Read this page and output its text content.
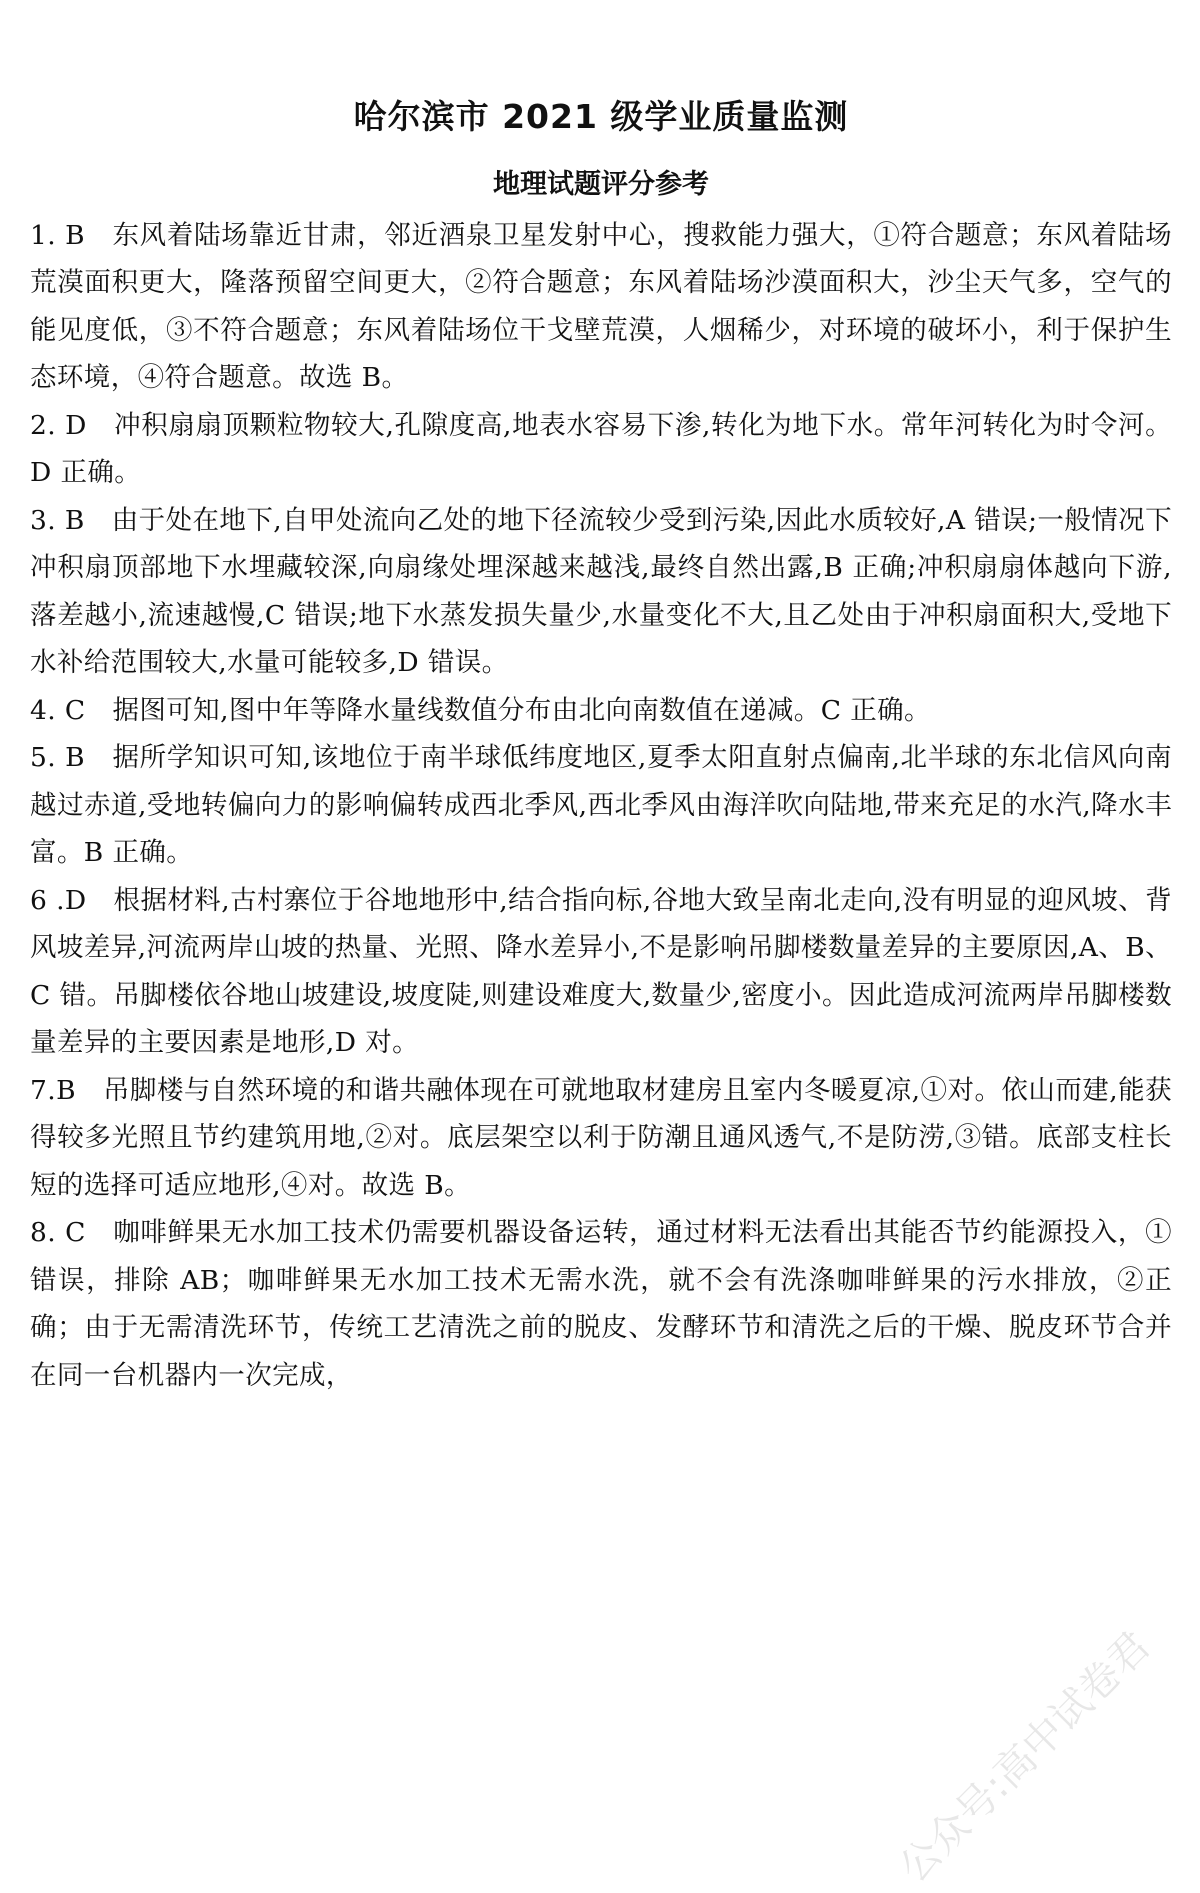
哈尔滨市 2021 级学业质量监测
地理试题评分参考

1. B　东风着陆场靠近甘肃，邻近酒泉卫星发射中心，搜救能力强大，①符合题意；东风着陆场荒漠面积更大，隆落预留空间更大，②符合题意；东风着陆场沙漠面积大，沙尘天气多，空气的能见度低，③不符合题意；东风着陆场位干戈壁荒漠，人烟稀少，对环境的破坏小，利于保护生态环境，④符合题意。故选 B。

2. D　冲积扇扇顶颗粒物较大,孔隙度高,地表水容易下渗,转化为地下水。常年河转化为时令河。D 正确。

3. B　由于处在地下,自甲处流向乙处的地下径流较少受到污染,因此水质较好,A 错误;一般情况下冲积扇顶部地下水埋藏较深,向扇缘处埋深越来越浅,最终自然出露,B 正确;冲积扇扇体越向下游,落差越小,流速越慢,C 错误;地下水蒸发损失量少,水量变化不大,且乙处由于冲积扇面积大,受地下水补给范围较大,水量可能较多,D 错误。

4. C　据图可知,图中年等降水量线数值分布由北向南数值在递减。C 正确。

5. B　据所学知识可知,该地位于南半球低纬度地区,夏季太阳直射点偏南,北半球的东北信风向南越过赤道,受地转偏向力的影响偏转成西北季风,西北季风由海洋吹向陆地,带来充足的水汽,降水丰富。B 正确。

6 .D　根据材料,古村寨位于谷地地形中,结合指向标,谷地大致呈南北走向,没有明显的迎风坡、背风坡差异,河流两岸山坡的热量、光照、降水差异小,不是影响吊脚楼数量差异的主要原因,A、B、C 错。吊脚楼依谷地山坡建设,坡度陡,则建设难度大,数量少,密度小。因此造成河流两岸吊脚楼数量差异的主要因素是地形,D 对。

7.B　吊脚楼与自然环境的和谐共融体现在可就地取材建房且室内冬暖夏凉,①对。依山而建,能获得较多光照且节约建筑用地,②对。底层架空以利于防潮且通风透气,不是防涝,③错。底部支柱长短的选择可适应地形,④对。故选 B。

8. C　咖啡鲜果无水加工技术仍需要机器设备运转，通过材料无法看出其能否节约能源投入，①错误，排除 AB；咖啡鲜果无水加工技术无需水洗，就不会有洗涤咖啡鲜果的污水排放，②正确；由于无需清洗环节，传统工艺清洗之前的脱皮、发酵环节和清洗之后的干燥、脱皮环节合并在同一台机器内一次完成，

公众号:高中试卷君
